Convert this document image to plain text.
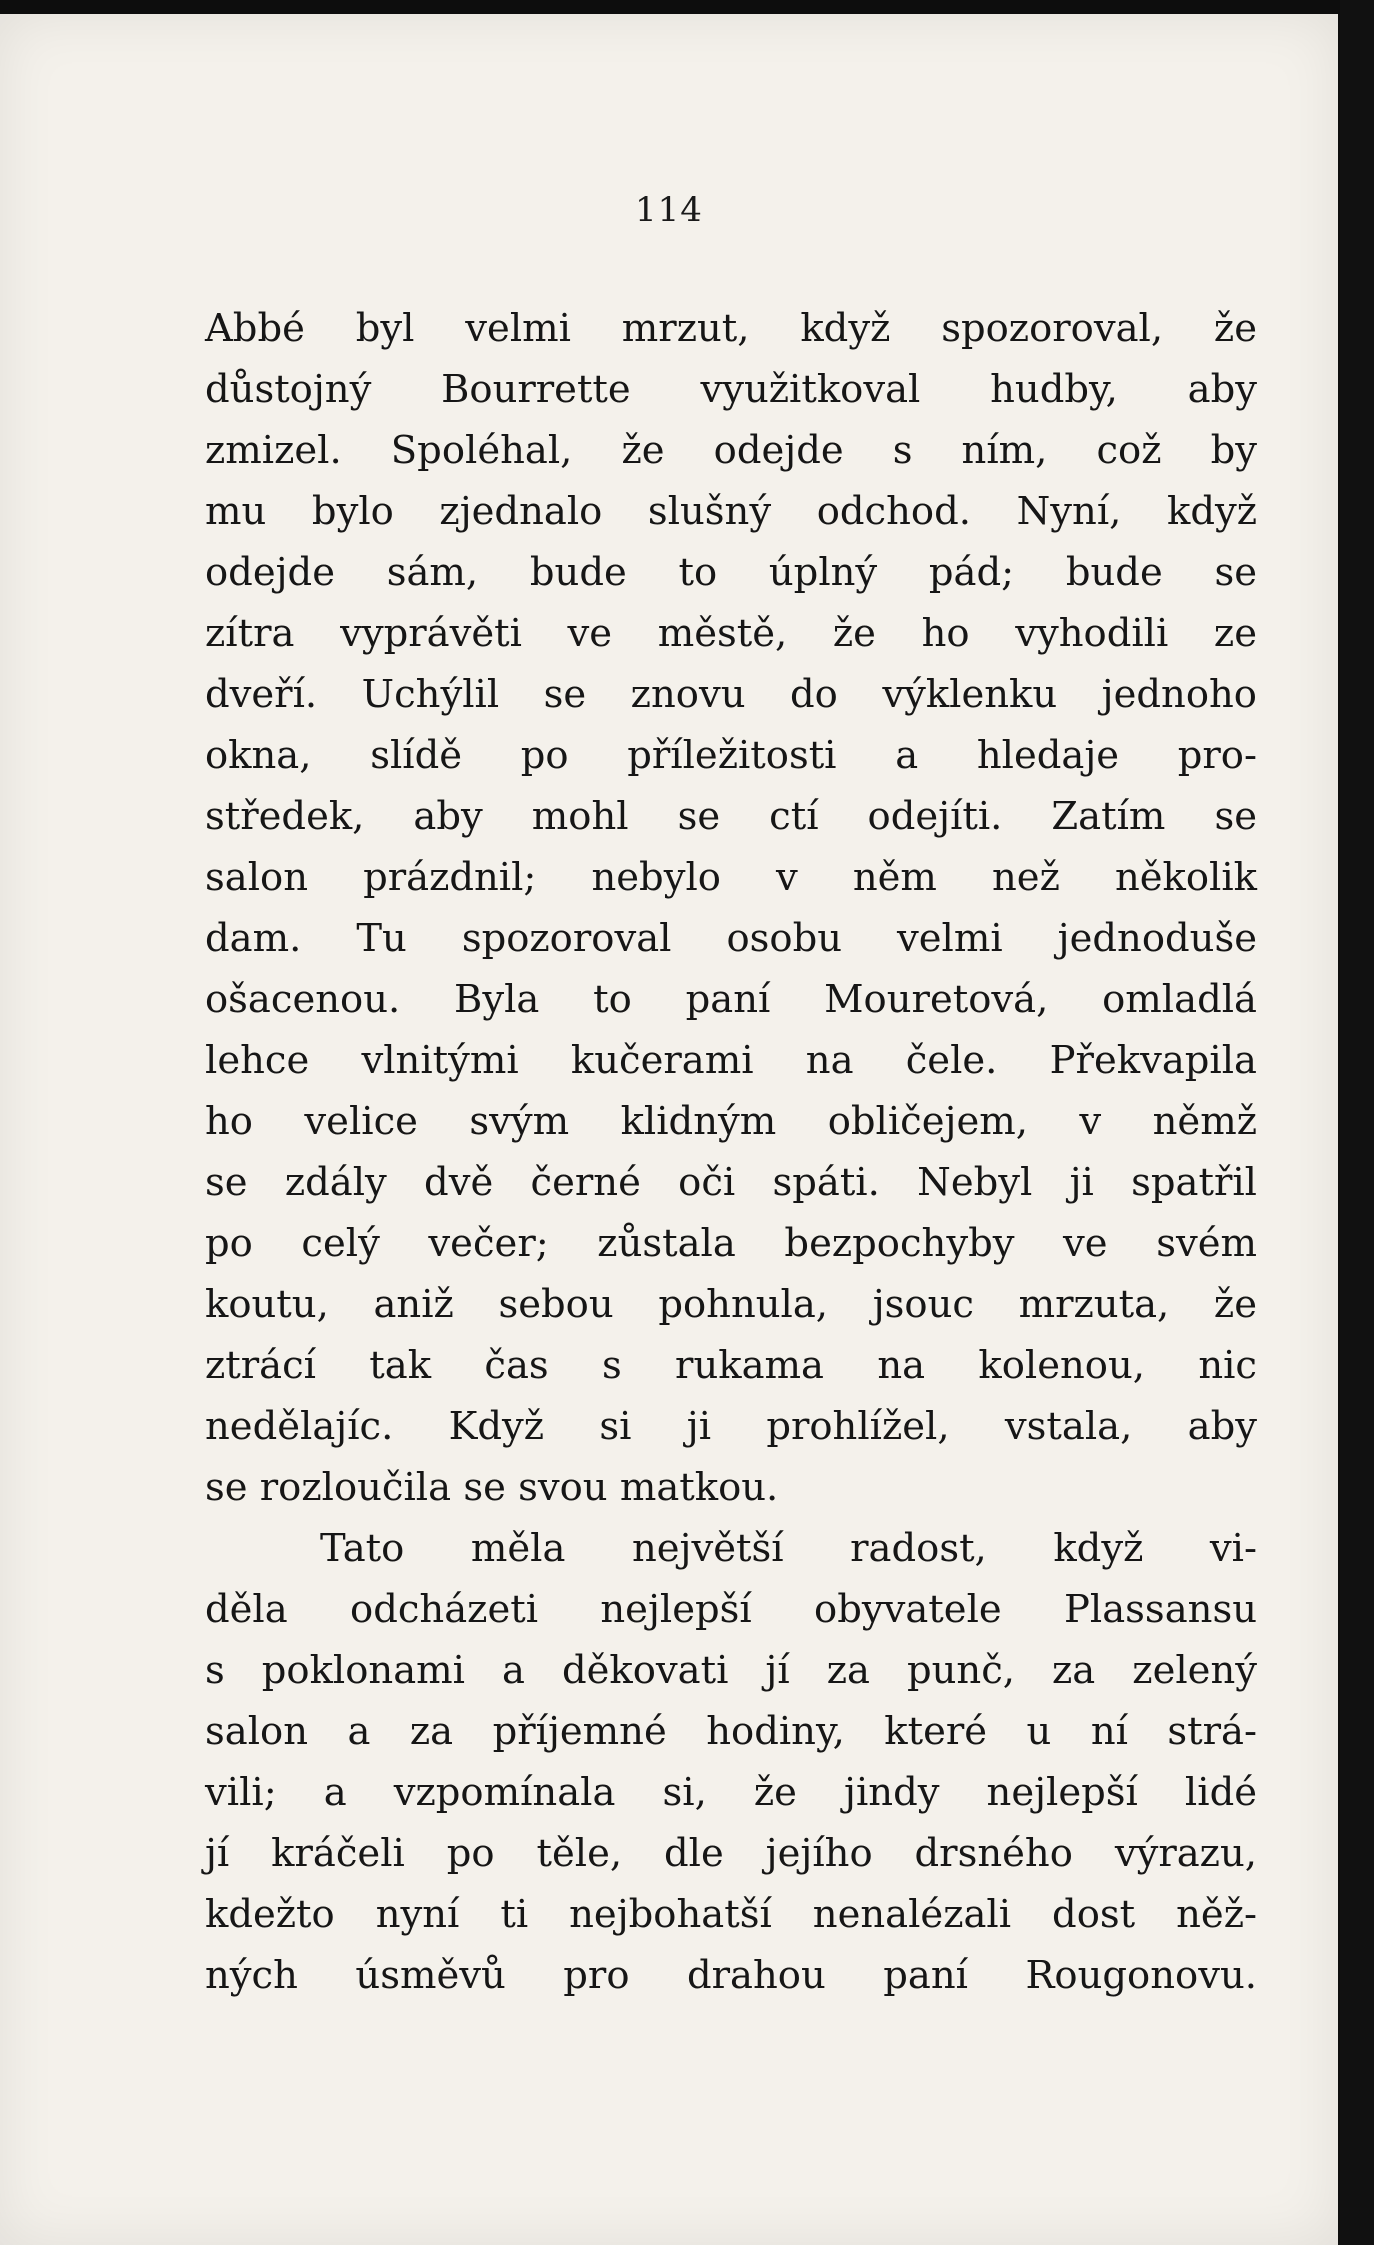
114
Abbé byl velmi mrzut, když spozoroval, že
důstojný Bourrette využitkoval hudby, aby
zmizel. Spoléhal, že odejde s ním, což by
mu bylo zjednalo slušný odchod. Nyní, když
odejde sám, bude to úplný pád; bude se
zítra vyprávěti ve městě, že ho vyhodili ze
dveří. Uchýlil se znovu do výklenku jednoho
okna, slídě po příležitosti a hledaje pro-
středek, aby mohl se ctí odejíti. Zatím se
salon prázdnil; nebylo v něm než několik
dam. Tu spozoroval osobu velmi jednoduše
ošacenou. Byla to paní Mouretová, omladlá
lehce vlnitými kučerami na čele. Překvapila
ho velice svým klidným obličejem, v němž
se zdály dvě černé oči spáti. Nebyl ji spatřil
po celý večer; zůstala bezpochyby ve svém
koutu, aniž sebou pohnula, jsouc mrzuta, že
ztrácí tak čas s rukama na kolenou, nic
nedělajíc. Když si ji prohlížel, vstala, aby
se rozloučila se svou matkou.
Tato měla největší radost, když vi-
děla odcházeti nejlepší obyvatele Plassansu
s poklonami a děkovati jí za punč, za zelený
salon a za příjemné hodiny, které u ní strá-
vili; a vzpomínala si, že jindy nejlepší lidé
jí kráčeli po těle, dle jejího drsného výrazu,
kdežto nyní ti nejbohatší nenalézali dost něž-
ných úsměvů pro drahou paní Rougonovu.
